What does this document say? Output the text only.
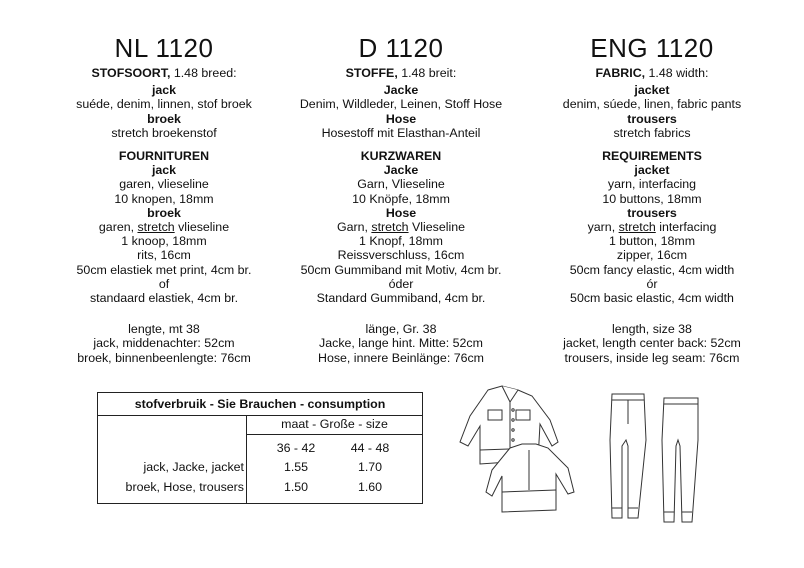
NL 1120
STOFSOORT, 1.48 breed:
jack
suéde, denim, linnen, stof broek
broek
stretch broekenstof
FOURNITUREN
jack
garen, vlieseline
10 knopen, 18mm
broek
garen, stretch vlieseline
1 knoop, 18mm
rits, 16cm
50cm elastiek met print, 4cm br.
of
standaard elastiek, 4cm br.
lengte, mt 38
jack, middenachter: 52cm
broek, binnenbeenlengte: 76cm
D 1120
STOFFE, 1.48 breit:
Jacke
Denim, Wildleder, Leinen, Stoff Hose
Hose
Hosestoff mit Elasthan-Anteil
KURZWAREN
Jacke
Garn, Vlieseline
10 Knöpfe, 18mm
Hose
Garn, stretch Vlieseline
1 Knopf, 18mm
Reissverschluss, 16cm
50cm Gummiband mit Motiv, 4cm br.
óder
Standard Gummiband, 4cm br.
länge, Gr. 38
Jacke, lange hint. Mitte: 52cm
Hose, innere Beinlänge: 76cm
ENG 1120
FABRIC, 1.48 width:
jacket
denim, súede, linen, fabric pants
trousers
stretch fabrics
REQUIREMENTS
jacket
yarn, interfacing
10 buttons, 18mm
trousers
yarn, stretch interfacing
1 button, 18mm
zipper, 16cm
50cm fancy elastic, 4cm width
ór
50cm basic elastic, 4cm width
length, size 38
jacket, length center back: 52cm
trousers, inside leg seam: 76cm
stofverbruik - Sie Brauchen - consumption
maat - Große - size
36 - 42	44 - 48
jack, Jacke, jacket	1.55	1.70
broek, Hose, trousers	1.50	1.60
